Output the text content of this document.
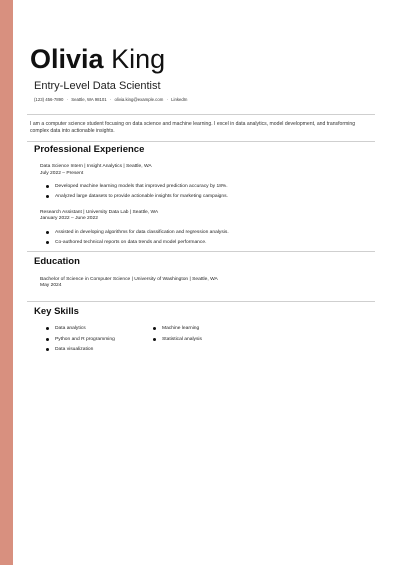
Olivia King
Entry-Level Data Scientist
(123) 456-7890 · Seattle, WA 98101 · olivia.king@example.com · LinkedIn
I am a computer science student focusing on data science and machine learning. I excel in data analytics, model development, and transforming complex data into actionable insights.
Professional Experience
Data Science Intern | Insight Analytics | Seattle, WA
July 2022 – Present
Developed machine learning models that improved prediction accuracy by 18%.
Analyzed large datasets to provide actionable insights for marketing campaigns.
Research Assistant | University Data Lab | Seattle, WA
January 2022 – June 2022
Assisted in developing algorithms for data classification and regression analysis.
Co-authored technical reports on data trends and model performance.
Education
Bachelor of Science in Computer Science | University of Washington | Seattle, WA
May 2024
Key Skills
Data analytics	Machine learning
Python and R programming	Statistical analysis
Data visualization
